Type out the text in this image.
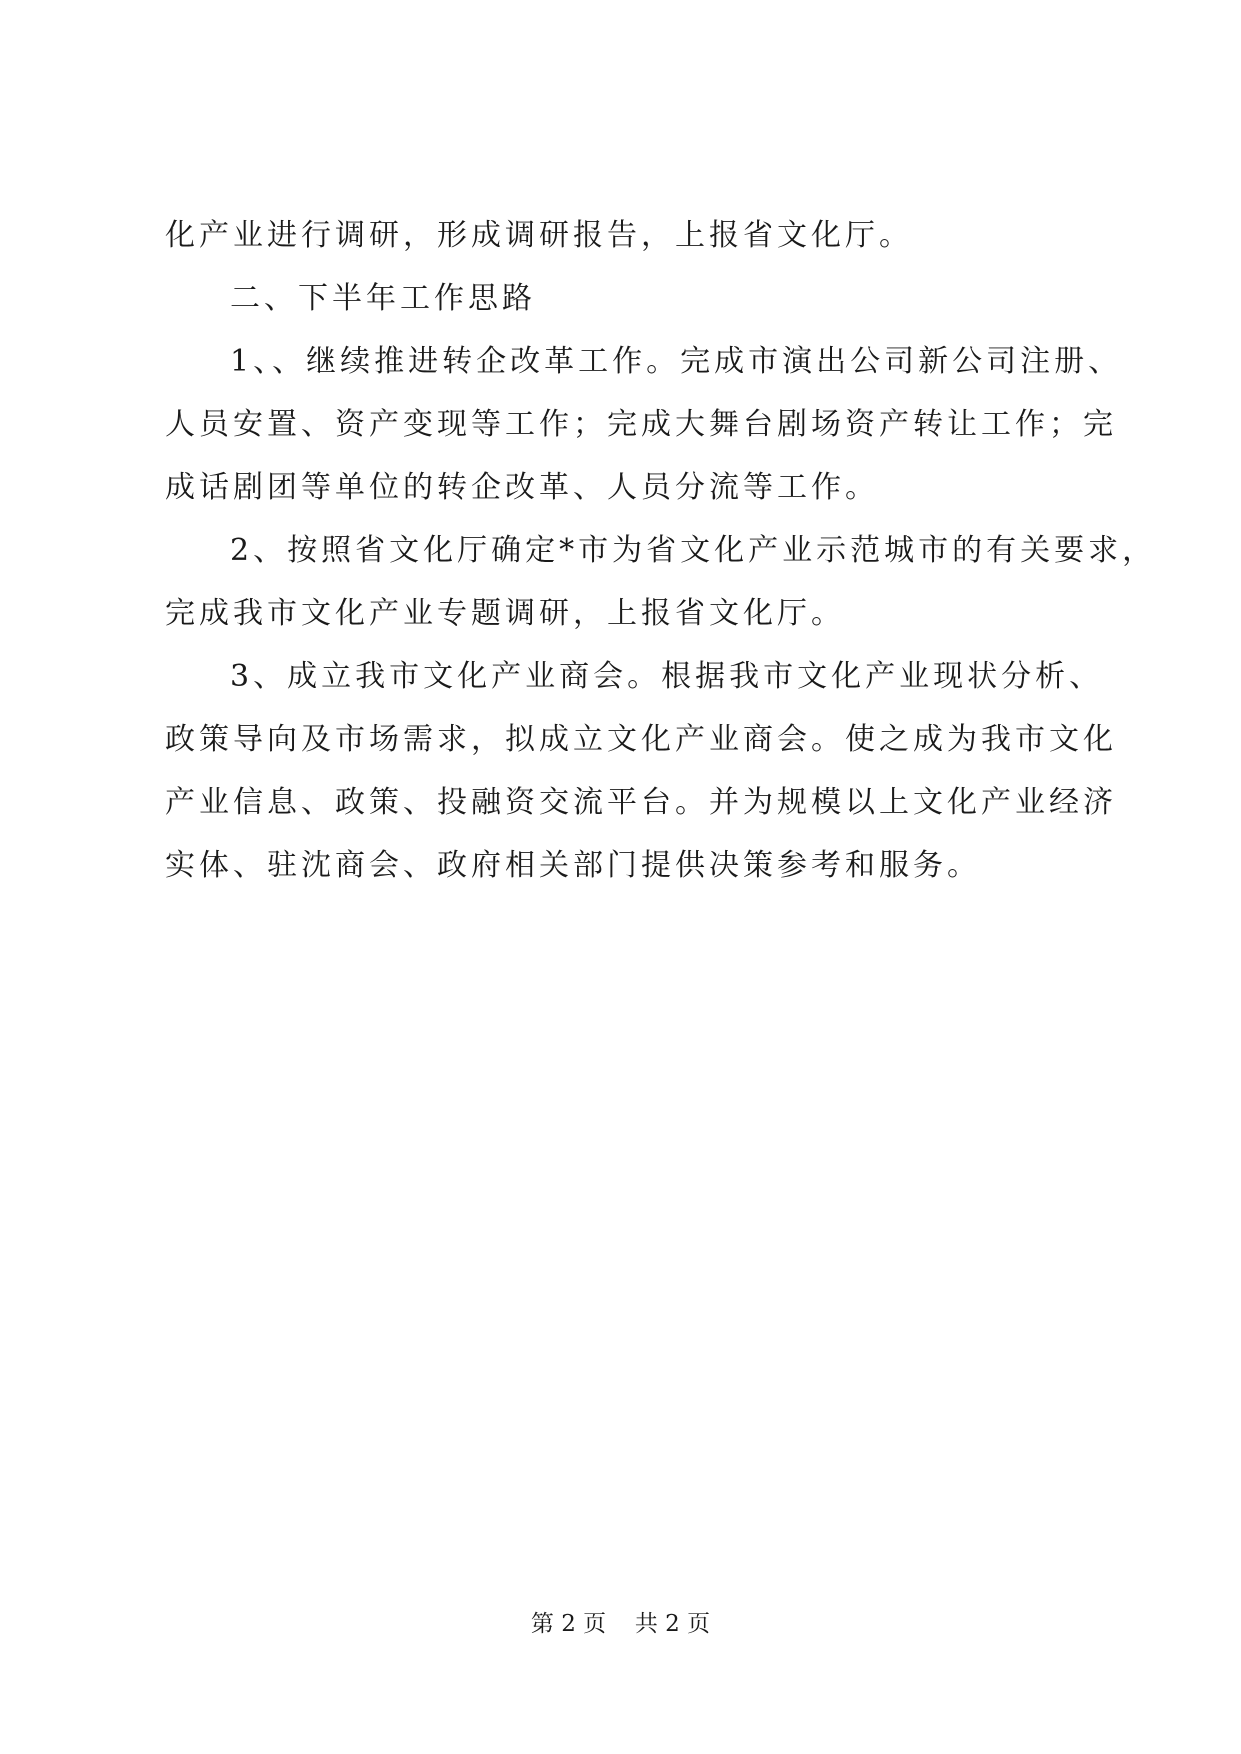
化产业进行调研，形成调研报告，上报省文化厅。
二、下半年工作思路
1、、继续推进转企改革工作。完成市演出公司新公司注册、
人员安置、资产变现等工作；完成大舞台剧场资产转让工作；完
成话剧团等单位的转企改革、人员分流等工作。
2、按照省文化厅确定*市为省文化产业示范城市的有关要求，
完成我市文化产业专题调研，上报省文化厅。
3、成立我市文化产业商会。根据我市文化产业现状分析、
政策导向及市场需求，拟成立文化产业商会。使之成为我市文化
产业信息、政策、投融资交流平台。并为规模以上文化产业经济
实体、驻沈商会、政府相关部门提供决策参考和服务。
第 2 页 共 2 页
